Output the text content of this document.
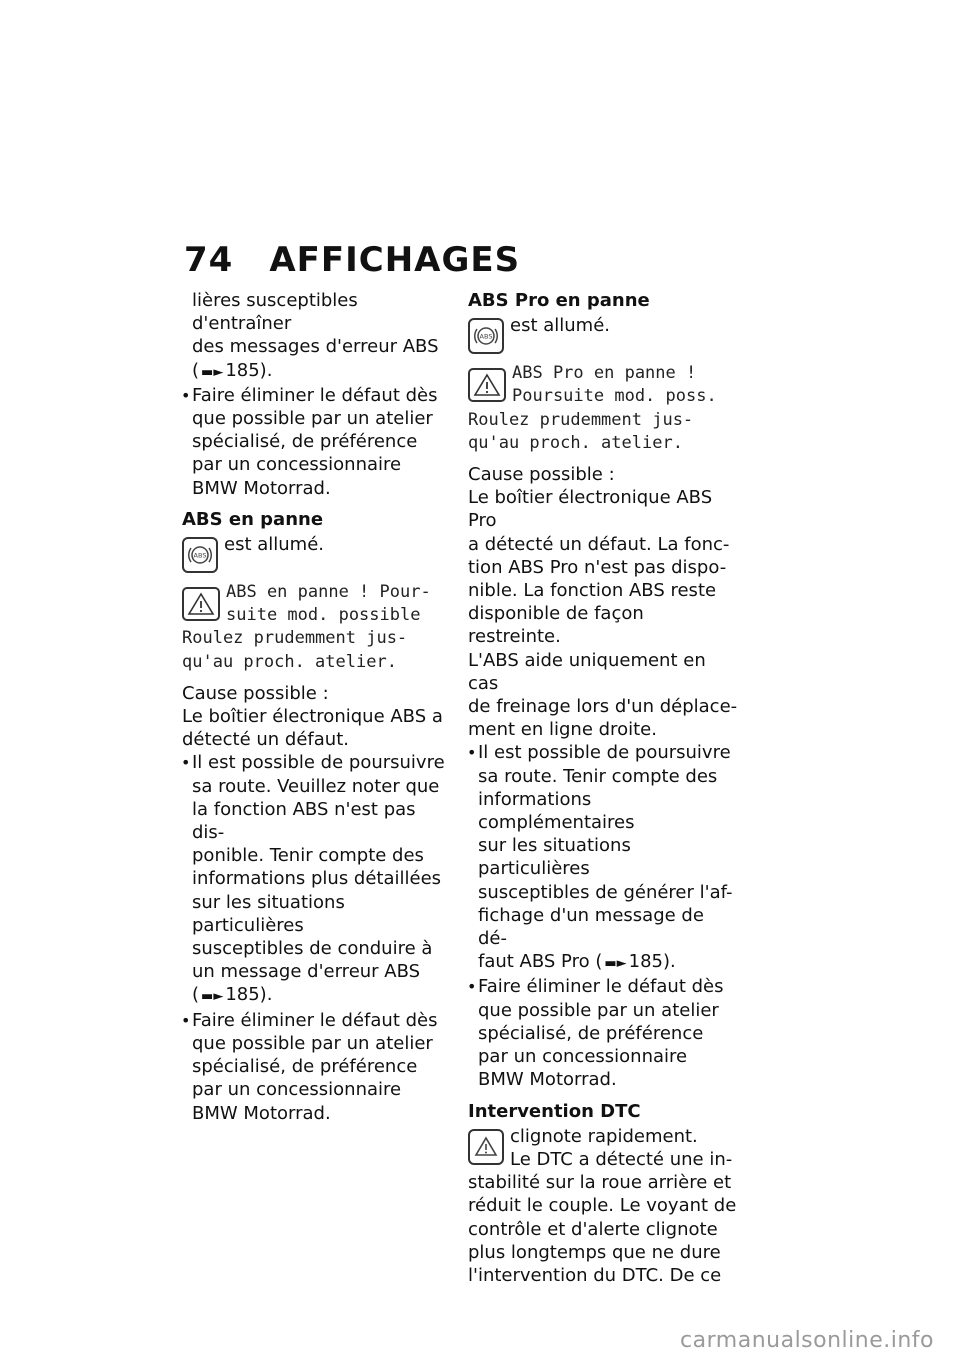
74 AFFICHAGES
lières susceptibles d'entraîner
des messages d'erreur ABS
( ▬► 185).
• Faire éliminer le défaut dès
que possible par un atelier
spécialisé, de préférence
par un concessionnaire
BMW Motorrad.
ABS en panne
ABS
est allumé.
ABS en panne ! Pour-
suite mod. possible
Roulez prudemment jus-
qu'au proch. atelier.
Cause possible :
Le boîtier électronique ABS a
détecté un défaut.
• Il est possible de poursuivre
sa route. Veuillez noter que
la fonction ABS n'est pas dis-
ponible. Tenir compte des
informations plus détaillées
sur les situations particulières
susceptibles de conduire à
un message d'erreur ABS
( ▬► 185).
• Faire éliminer le défaut dès
que possible par un atelier
spécialisé, de préférence
par un concessionnaire
BMW Motorrad.
ABS Pro en panne
ABS
est allumé.
ABS Pro en panne !
Poursuite mod. poss.
Roulez prudemment jus-
qu'au proch. atelier.
Cause possible :
Le boîtier électronique ABS Pro
a détecté un défaut. La fonc-
tion ABS Pro n'est pas dispo-
nible. La fonction ABS reste
disponible de façon restreinte.
L'ABS aide uniquement en cas
de freinage lors d'un déplace-
ment en ligne droite.
• Il est possible de poursuivre
sa route. Tenir compte des
informations complémentaires
sur les situations particulières
susceptibles de générer l'af-
fichage d'un message de dé-
faut ABS Pro ( ▬► 185).
• Faire éliminer le défaut dès
que possible par un atelier
spécialisé, de préférence
par un concessionnaire
BMW Motorrad.
Intervention DTC
clignote rapidement.
Le DTC a détecté une in-
stabilité sur la roue arrière et
réduit le couple. Le voyant de
contrôle et d'alerte clignote
plus longtemps que ne dure
l'intervention du DTC. De ce
carmanualsonline.info
